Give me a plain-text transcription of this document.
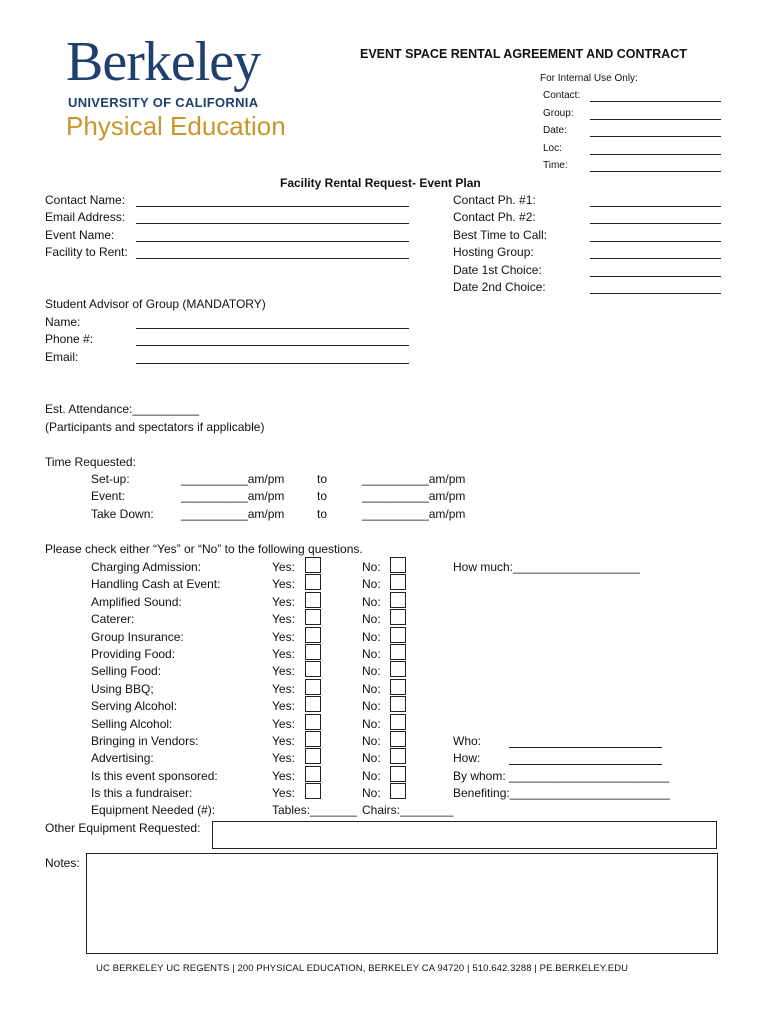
Berkeley
UNIVERSITY OF CALIFORNIA
Physical Education
EVENT SPACE RENTAL AGREEMENT AND CONTRACT
For Internal Use Only:
Contact:
Group:
Date:
Loc:
Time:
Facility Rental Request- Event Plan
Contact Name:
Email Address:
Event Name:
Facility to Rent:
Contact Ph. #1:
Contact Ph. #2:
Best Time to Call:
Hosting Group:
Date 1st Choice:
Date 2nd Choice:
Student Advisor of Group (MANDATORY)
Name:
Phone #:
Email:
Est. Attendance:__________
(Participants and spectators if applicable)
Time Requested:
Set-up:	__________am/pm	to	__________am/pm
Event:	__________am/pm	to	__________am/pm
Take Down: __________am/pm	to	__________am/pm
Please check either “Yes” or “No” to the following questions.
Charging Admission:	Yes:	No:
Handling Cash at Event:	Yes:	No:
Amplified Sound:	Yes:	No:
Caterer:	Yes:	No:
Group Insurance:	Yes:	No:
Providing Food:	Yes:	No:
Selling Food:	Yes:	No:
Using BBQ;	Yes:	No:
Serving Alcohol:	Yes:	No:
Selling Alcohol:	Yes:	No:
Bringing in Vendors:	Yes:	No:
Advertising:	Yes:	No:
Is this event sponsored:	Yes:	No:
Is this a fundraiser:	Yes:	No:
How much:___________________
Who:
How:
By whom: ________________________
Benefiting:________________________
Equipment Needed (#):	Tables:_______ Chairs:________
Other Equipment Requested:
Notes:
UC BERKELEY UC REGENTS | 200 PHYSICAL EDUCATION, BERKELEY CA 94720 | 510.642.3288 | PE.BERKELEY.EDU
